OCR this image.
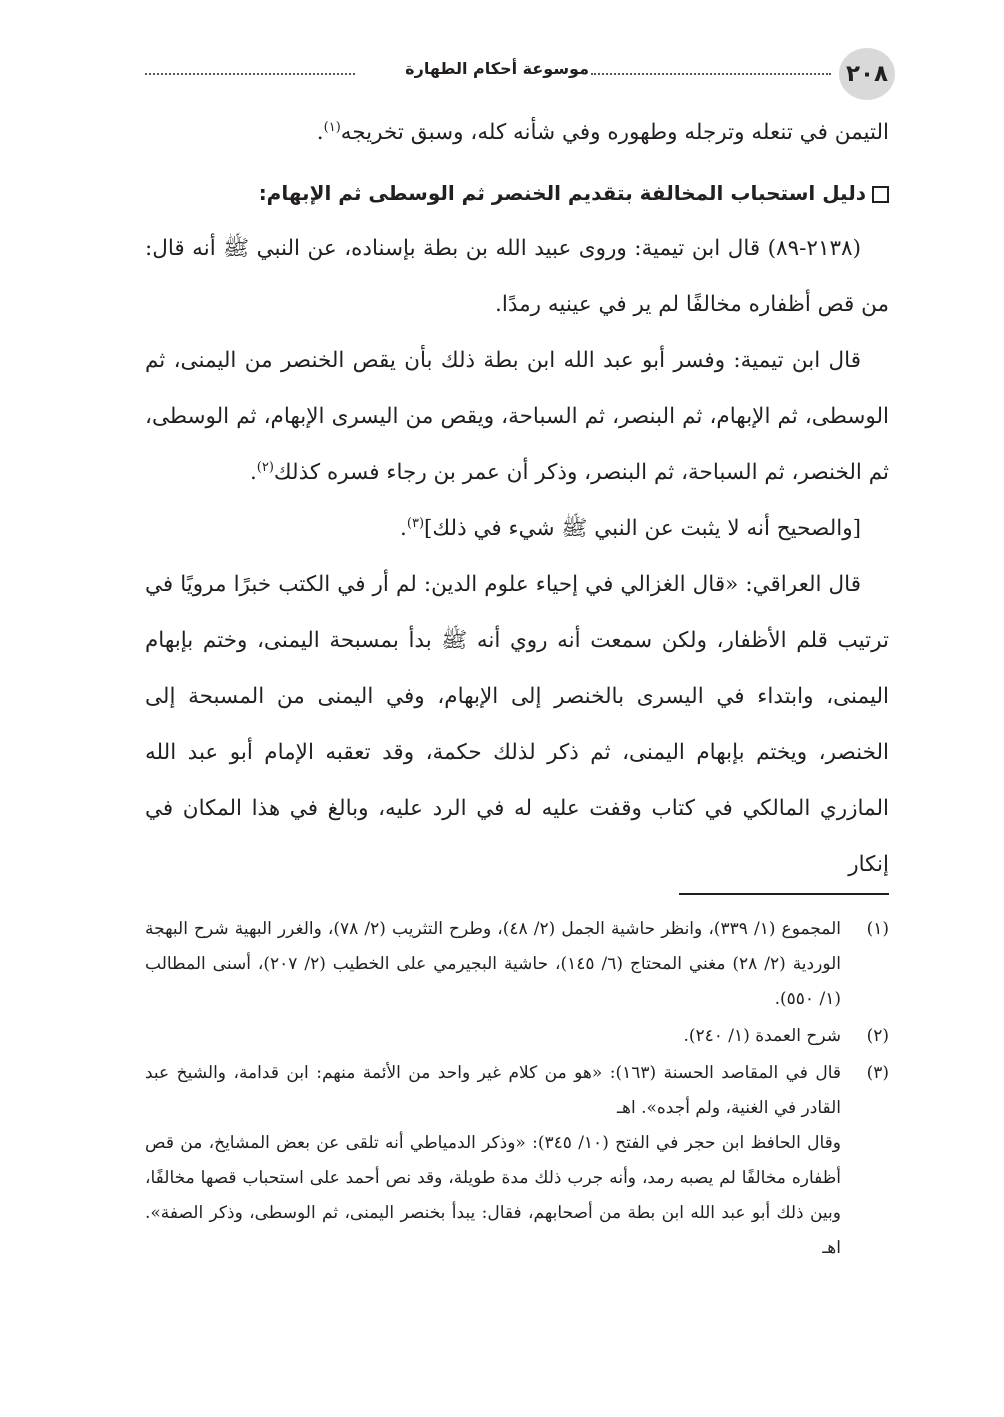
٢٠٨
موسوعة أحكام الطهارة

التيمن في تنعله وترجله وطهوره وفي شأنه كله، وسبق تخريجه$^{(١)}$.

دليل استحباب المخالفة بتقديم الخنصر ثم الوسطى ثم الإبهام:

(٢١٣٨-٨٩) قال ابن تيمية: وروى عبيد الله بن بطة بإسناده، عن النبي ﷺ أنه قال: من قص أظفاره مخالفًا لم ير في عينيه رمدًا.

قال ابن تيمية: وفسر أبو عبد الله ابن بطة ذلك بأن يقص الخنصر من اليمنى، ثم الوسطى، ثم الإبهام، ثم البنصر، ثم السباحة، ويقص من اليسرى الإبهام، ثم الوسطى، ثم الخنصر، ثم السباحة، ثم البنصر، وذكر أن عمر بن رجاء فسره كذلك$^{(٢)}$.

[والصحيح أنه لا يثبت عن النبي ﷺ شيء في ذلك]$^{(٣)}$.

قال العراقي: «قال الغزالي في إحياء علوم الدين: لم أر في الكتب خبرًا مرويًا في ترتيب قلم الأظفار، ولكن سمعت أنه روي أنه ﷺ بدأ بمسبحة اليمنى، وختم بإبهام اليمنى، وابتداء في اليسرى بالخنصر إلى الإبهام، وفي اليمنى من المسبحة إلى الخنصر، ويختم بإبهام اليمنى، ثم ذكر لذلك حكمة، وقد تعقبه الإمام أبو عبد الله المازري المالكي في كتاب وقفت عليه له في الرد عليه، وبالغ في هذا المكان في إنكار

(١)
المجموع (١/ ٣٣٩)، وانظر حاشية الجمل (٢/ ٤٨)، وطرح التثريب (٢/ ٧٨)، والغرر البهية شرح البهجة الوردية (٢/ ٢٨) مغني المحتاج (٦/ ١٤٥)، حاشية البجيرمي على الخطيب (٢/ ٢٠٧)، أسنى المطالب (١/ ٥٥٠).
(٢)
شرح العمدة (١/ ٢٤٠).
(٣)

قال في المقاصد الحسنة (١٦٣): «هو من كلام غير واحد من الأئمة منهم: ابن قدامة، والشيخ عبد القادر في الغنية، ولم أجده». اهـ

وقال الحافظ ابن حجر في الفتح (١٠/ ٣٤٥): «وذكر الدمياطي أنه تلقى عن بعض المشايخ، من قص أظفاره مخالفًا لم يصبه رمد، وأنه جرب ذلك مدة طويلة، وقد نص أحمد على استحباب قصها مخالفًا، وبين ذلك أبو عبد الله ابن بطة من أصحابهم، فقال: يبدأ بخنصر اليمنى، ثم الوسطى، وذكر الصفة». اهـ
